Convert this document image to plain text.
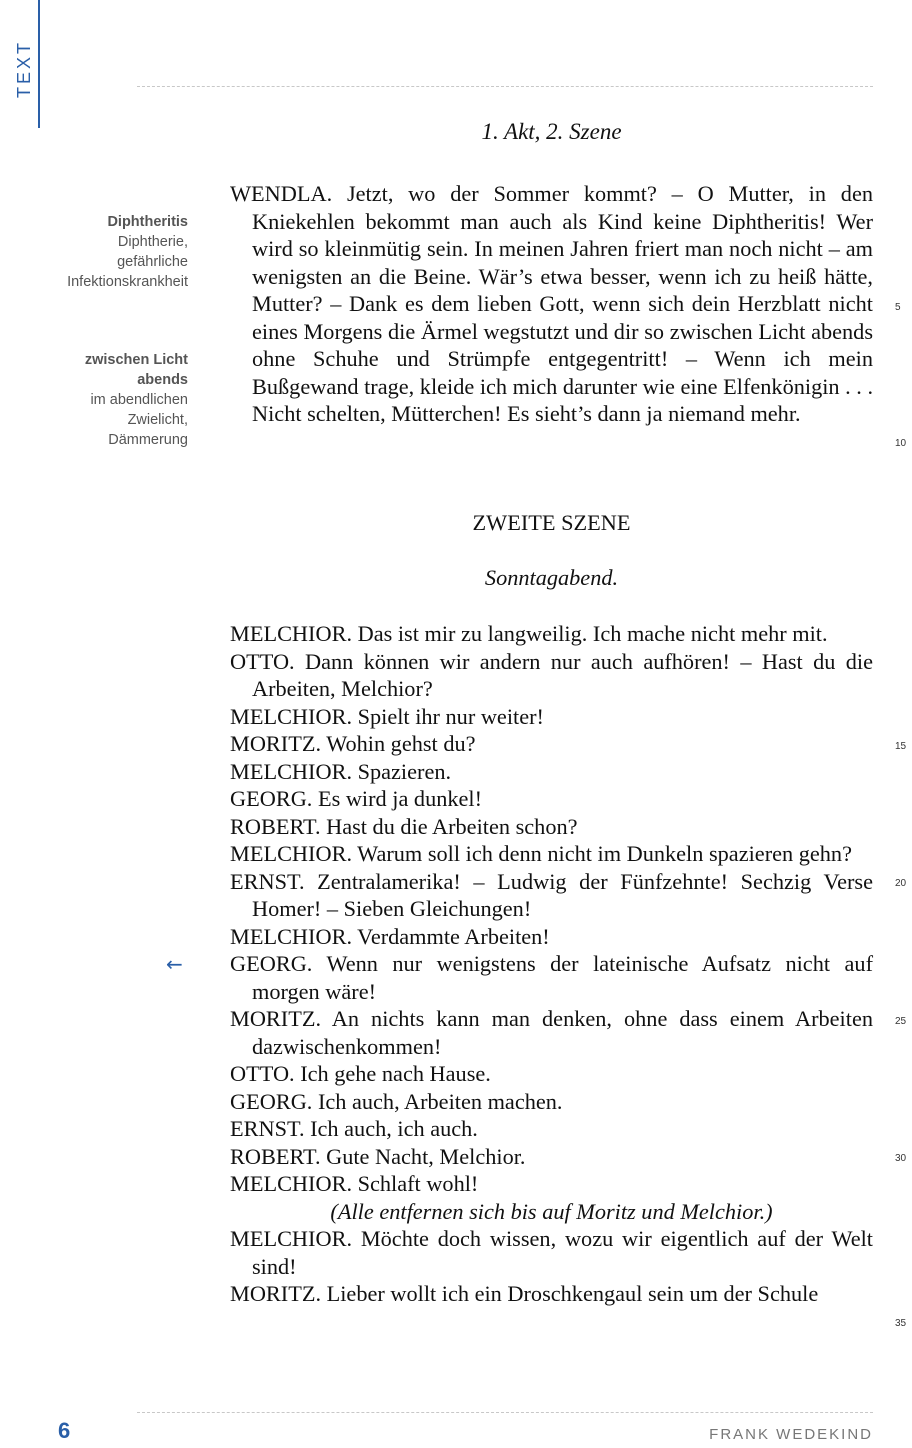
TEXT
1. Akt, 2. Szene
Diphtheritis
Diphtherie,
gefährliche
Infektionskrankheit
zwischen Licht
abends
im abendlichen
Zwielicht,
Dämmerung
WENDLA. Jetzt, wo der Sommer kommt? – O Mutter, in den Kniekehlen bekommt man auch als Kind keine Diphtheritis! Wer wird so kleinmütig sein. In meinen Jahren friert man noch nicht – am wenigsten an die Beine. Wär’s etwa besser, wenn ich zu heiß hätte, Mutter? – Dank es dem lieben Gott, wenn sich dein Herzblatt nicht eines Morgens die Ärmel wegstutzt und dir so zwischen Licht abends ohne Schuhe und Strümpfe entgegentritt! – Wenn ich mein Bußgewand trage, kleide ich mich darunter wie eine Elfenkönigin . . . Nicht schelten, Mütterchen! Es sieht’s dann ja niemand mehr.
ZWEITE SZENE
Sonntagabend.
MELCHIOR. Das ist mir zu langweilig. Ich mache nicht mehr mit.
OTTO. Dann können wir andern nur auch aufhören! – Hast du die Arbeiten, Melchior?
MELCHIOR. Spielt ihr nur weiter!
MORITZ. Wohin gehst du?
MELCHIOR. Spazieren.
GEORG. Es wird ja dunkel!
ROBERT. Hast du die Arbeiten schon?
MELCHIOR. Warum soll ich denn nicht im Dunkeln spazieren gehn?
ERNST. Zentralamerika! – Ludwig der Fünfzehnte! Sechzig Verse Homer! – Sieben Gleichungen!
MELCHIOR. Verdammte Arbeiten!
GEORG. Wenn nur wenigstens der lateinische Aufsatz nicht auf morgen wäre!
MORITZ. An nichts kann man denken, ohne dass einem Arbeiten dazwischenkommen!
OTTO. Ich gehe nach Hause.
GEORG. Ich auch, Arbeiten machen.
ERNST. Ich auch, ich auch.
ROBERT. Gute Nacht, Melchior.
MELCHIOR. Schlaft wohl!
(Alle entfernen sich bis auf Moritz und Melchior.)
MELCHIOR. Möchte doch wissen, wozu wir eigentlich auf der Welt sind!
MORITZ. Lieber wollt ich ein Droschkengaul sein um der Schule
5
10
15
20
25
30
35
←
6	FRANK WEDEKIND
